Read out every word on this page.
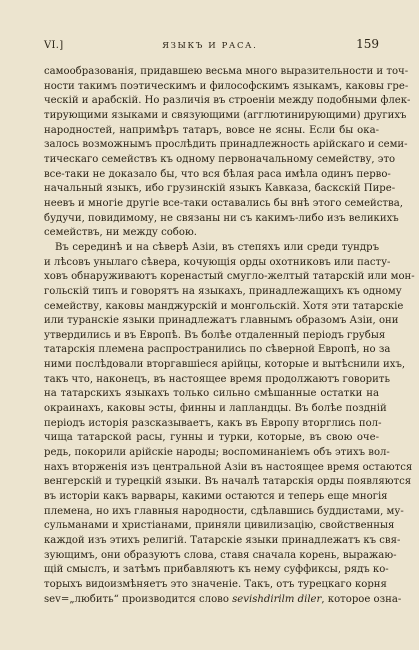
VI.]	ЯЗЫКЪ И РАСА.	159
самообразованія, придавшею весьма много выразительности и точ-
ности такимъ поэтическимъ и философскимъ языкамъ, каковы гре-
ческій и арабскій. Но различія въ строеніи между подобными флек-
тирующими языками и связующими (агглютинирующими) другихъ
народностей, напримѣръ татаръ, вовсе не ясны. Если бы ока-
залось возможнымъ прослѣдить принадлежность арійскаго и семи-
тическаго семействъ къ одному первоначальному семейству, это
все-таки не доказало бы, что вся бѣлая раса имѣла одинъ перво-
начальный языкъ, ибо грузинскій языкъ Кавказа, баскскій Пире-
неевъ и многіе другіе все-таки оставались бы внѣ этого семейства,
будучи, повидимому, не связаны ни съ какимъ-либо изъ великихъ
семействъ, ни между собою.
Въ серединѣ и на сѣверѣ Азіи, въ степяхъ или среди тундръ
и лѣсовъ унылаго сѣвера, кочующія орды охотниковъ или пасту-
ховъ обнаруживаютъ коренастый смугло-желтый татарскій или мон-
гольскій типъ и говорятъ на языкахъ, принадлежащихъ къ одному
семейству, каковы манджурскій и монгольскій. Хотя эти татарскіе
или туранскіе языки принадлежатъ главнымъ образомъ Азіи, они
утвердились и въ Европѣ. Въ болѣе отдаленный періодъ грубыя
татарскія племена распространились по сѣверной Европѣ, но за
ними послѣдовали вторгавшіеся арійцы, которые и вытѣснили ихъ,
такъ что, наконецъ, въ настоящее время продолжаютъ говорить
на татарскихъ языкахъ только сильно смѣшанные остатки на
окраинахъ, каковы эсты, финны и лапландцы. Въ болѣе поздній
періодъ исторія разсказываетъ, какъ въ Европу вторглись пол-
чища татарской расы, гунны и турки, которые, въ свою оче-
редь, покорили арійскіе народы; воспоминаніемъ объ этихъ вол-
нахъ вторженія изъ центральной Азіи въ настоящее время остаются
венгерскій и турецкій языки. Въ началѣ татарскія орды появляются
въ исторіи какъ варвары, какими остаются и теперь еще многія
племена, но ихъ главныя народности, сдѣлавшись буддистами, му-
сульманами и христіанами, приняли цивилизацію, свойственныя
каждой изъ этихъ религій. Татарскіе языки принадлежатъ къ свя-
зующимъ, они образуютъ слова, ставя сначала корень, выражаю-
щій смыслъ, и затѣмъ прибавляютъ къ нему суффиксы, рядъ ко-
торыхъ видоизмѣняетъ это значеніе. Такъ, отъ турецкаго корня
sev=„любить“ производится слово sevishdirilm diler, которое озна-
